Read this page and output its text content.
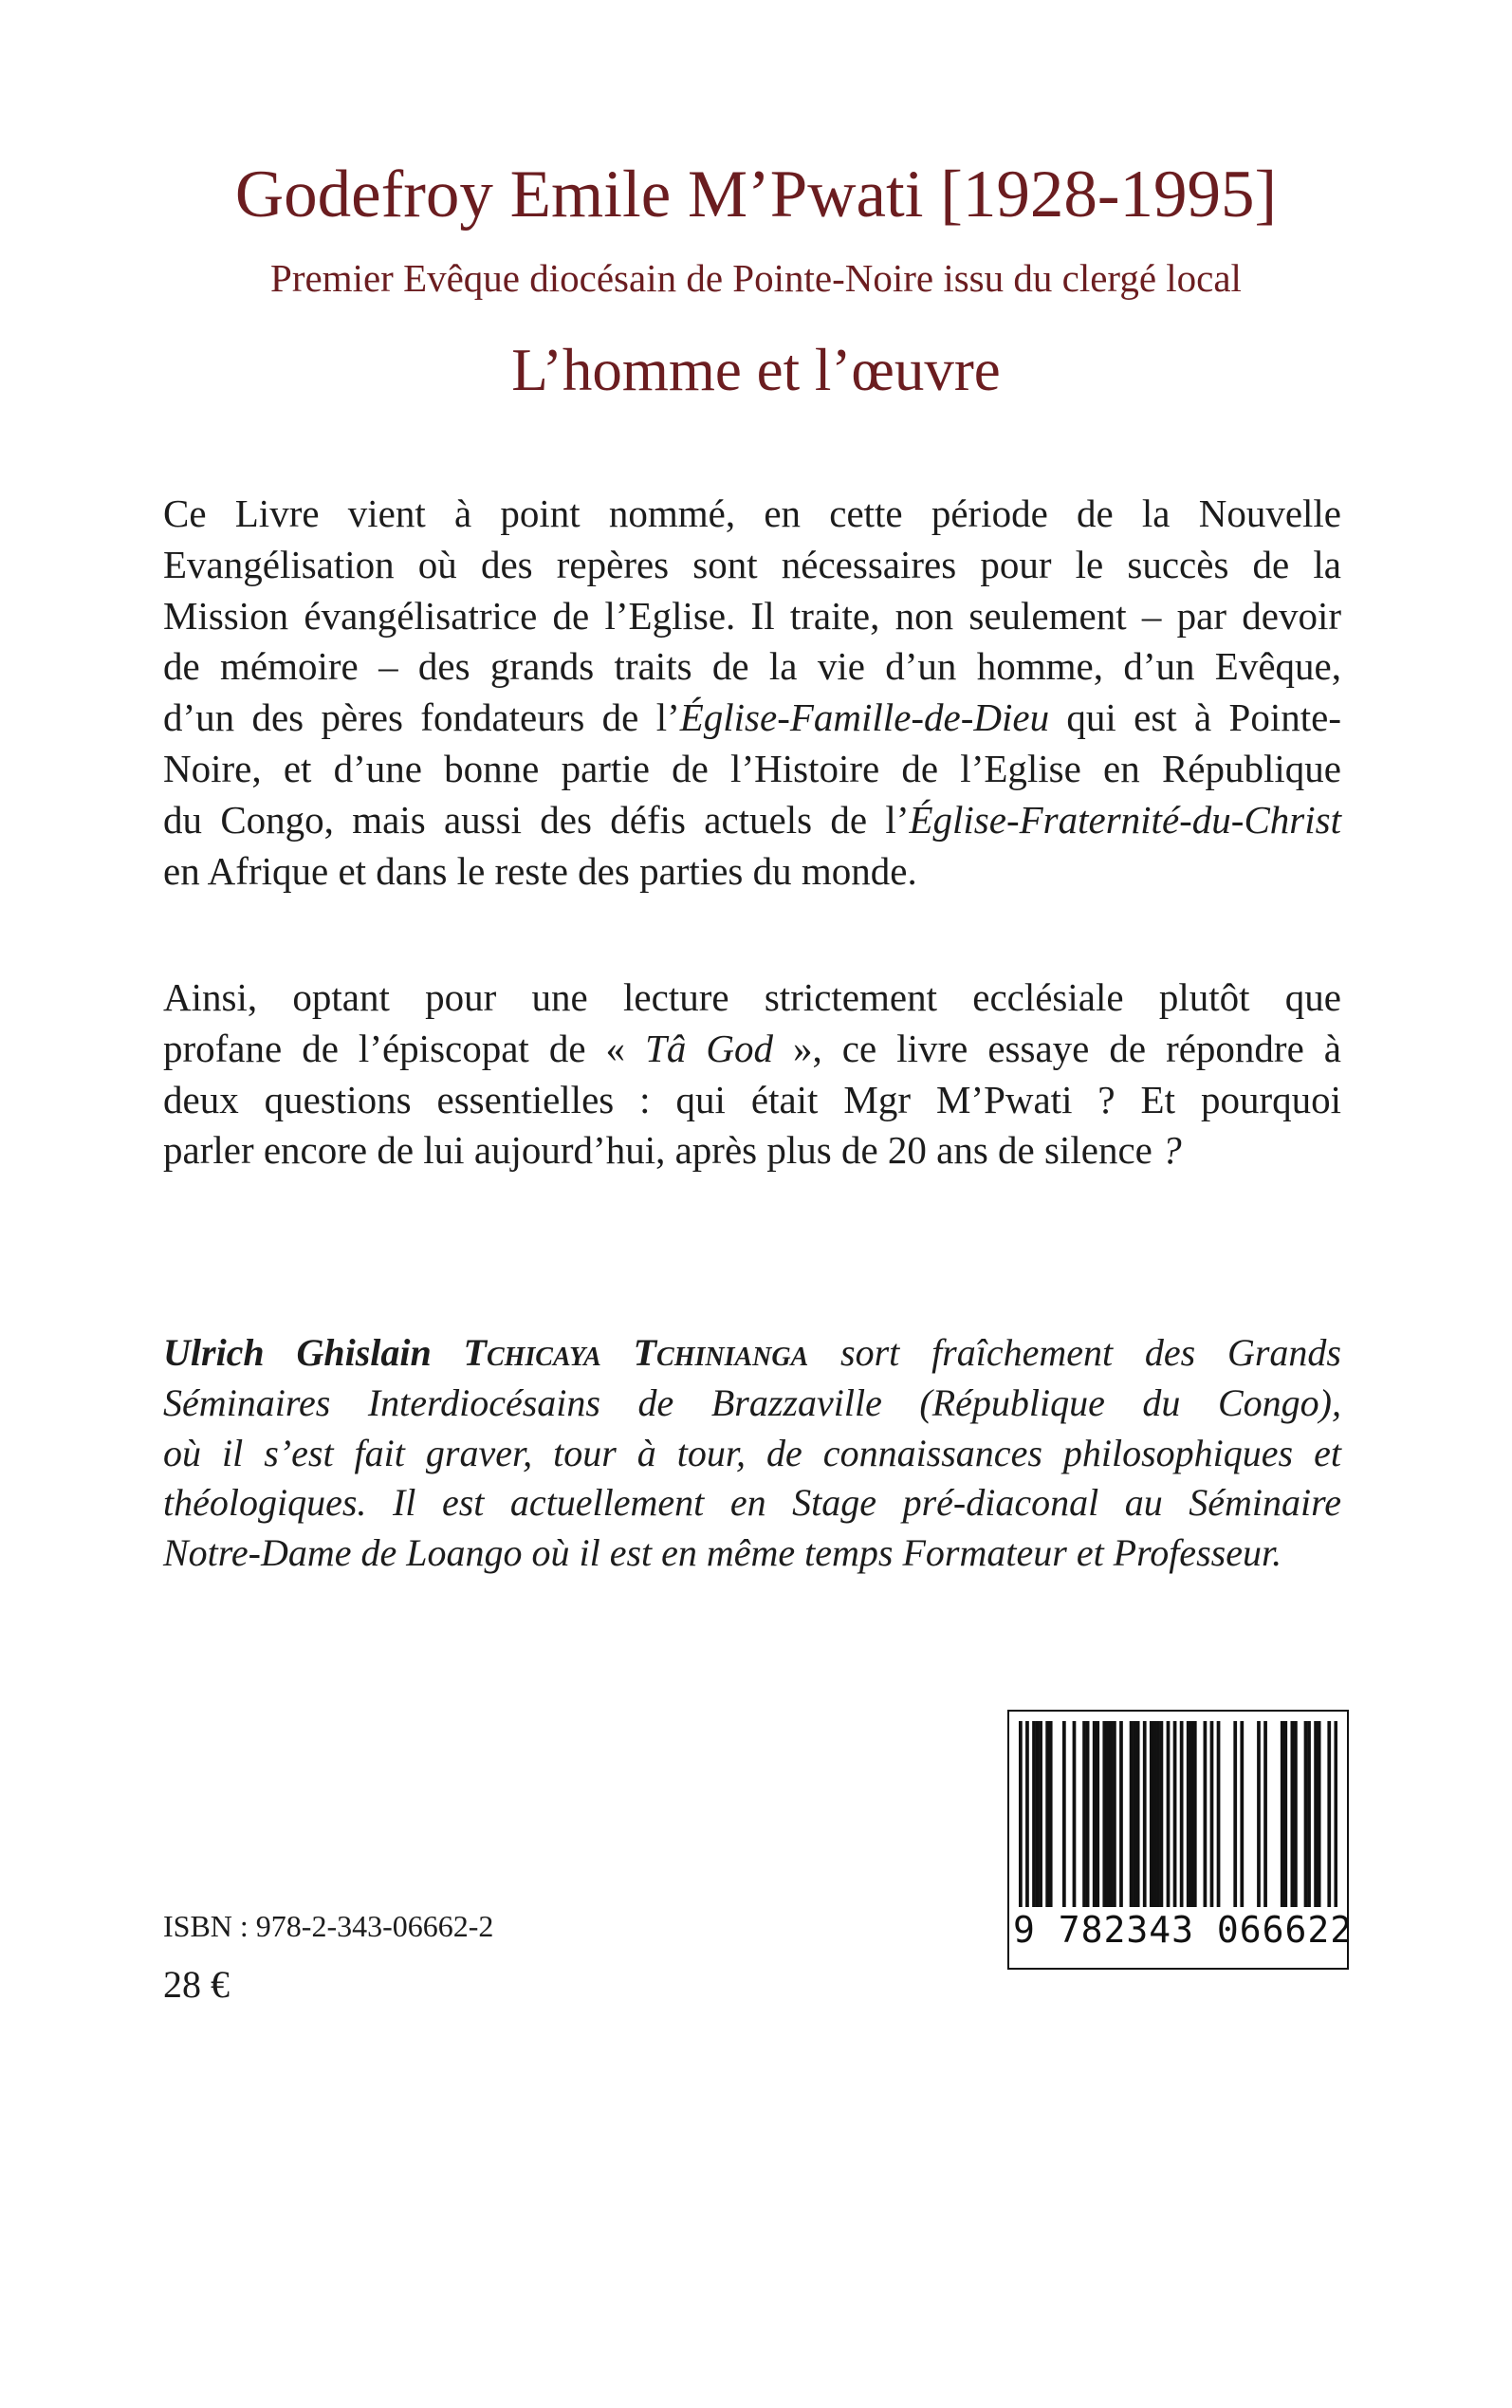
Godefroy Emile M’Pwati [1928-1995]
Premier Evêque diocésain de Pointe-Noire issu du clergé local
L’homme et l’œuvre
Ce Livre vient à point nommé, en cette période de la Nouvelle
Evangélisation où des repères sont nécessaires pour le succès de la
Mission évangélisatrice de l’Eglise. Il traite, non seulement – par devoir
de mémoire – des grands traits de la vie d’un homme, d’un Evêque,
d’un des pères fondateurs de l’Église-Famille-de-Dieu qui est à Pointe-
Noire, et d’une bonne partie de l’Histoire de l’Eglise en République
du Congo, mais aussi des défis actuels de l’Église-Fraternité-du-Christ
en Afrique et dans le reste des parties du monde.
Ainsi, optant pour une lecture strictement ecclésiale plutôt que
profane de l’épiscopat de « Tâ God », ce livre essaye de répondre à
deux questions essentielles : qui était Mgr M’Pwati ? Et pourquoi
parler encore de lui aujourd’hui, après plus de 20 ans de silence ?
Ulrich Ghislain Tchicaya Tchinianga sort fraîchement des Grands
Séminaires Interdiocésains de Brazzaville (République du Congo),
où il s’est fait graver, tour à tour, de connaissances philosophiques et
théologiques. Il est actuellement en Stage pré-diaconal au Séminaire
Notre-Dame de Loango où il est en même temps Formateur et Professeur.
ISBN : 978-2-343-06662-2
28 €
9 782343 066622
